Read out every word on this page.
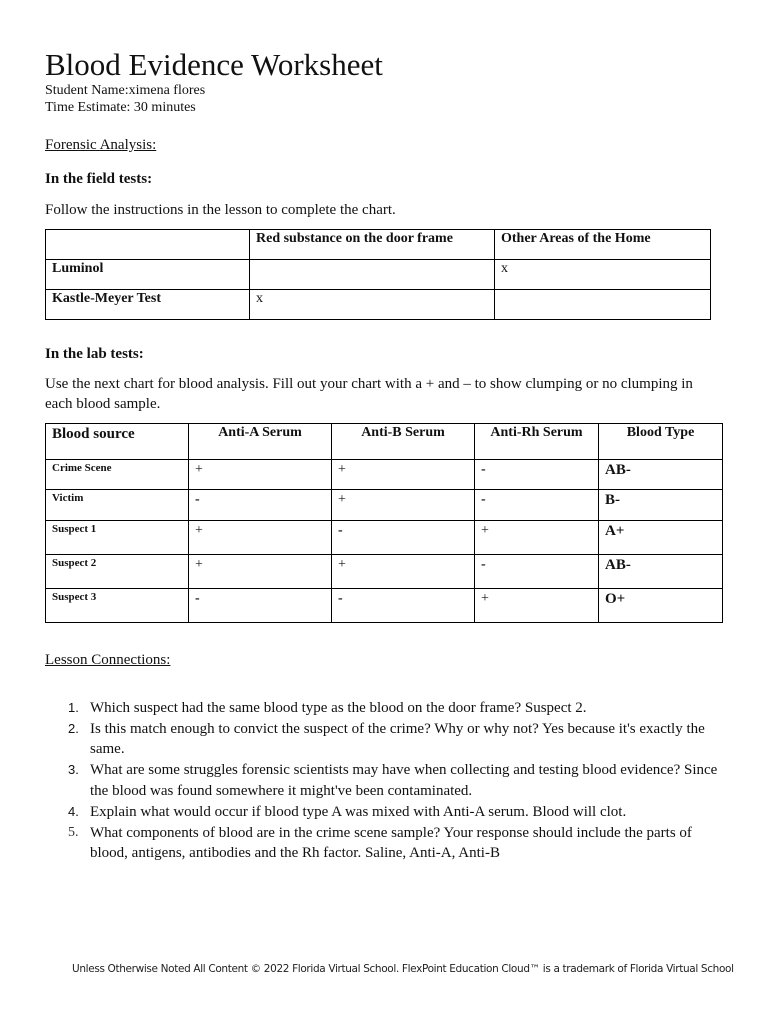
Blood Evidence Worksheet
Student Name:ximena flores
Time Estimate: 30 minutes
Forensic Analysis:
In the field tests:
Follow the instructions in the lesson to complete the chart.
	Red substance on the door frame	Other Areas of the Home
Luminol		x
Kastle-Meyer Test	x	
In the lab tests:
Use the next chart for blood analysis. Fill out your chart with a + and – to show clumping or no clumping in each blood sample.
Blood source	Anti-A Serum	Anti-B Serum	Anti-Rh Serum	Blood Type
Crime Scene	+	+	-	AB-
Victim	-	+	-	B-
Suspect 1	+	-	+	A+
Suspect 2	+	+	-	AB-
Suspect 3	-	-	+	O+
Lesson Connections:
1. Which suspect had the same blood type as the blood on the door frame? Suspect 2.
2. Is this match enough to convict the suspect of the crime? Why or why not? Yes because it's exactly the same.
3. What are some struggles forensic scientists may have when collecting and testing blood evidence? Since the blood was found somewhere it might've been contaminated.
4. Explain what would occur if blood type A was mixed with Anti-A serum. Blood will clot.
5. What components of blood are in the crime scene sample? Your response should include the parts of blood, antigens, antibodies and the Rh factor. Saline, Anti-A, Anti-B
Unless Otherwise Noted All Content © 2022 Florida Virtual School. FlexPoint Education Cloud™ is a trademark of Florida Virtual School
